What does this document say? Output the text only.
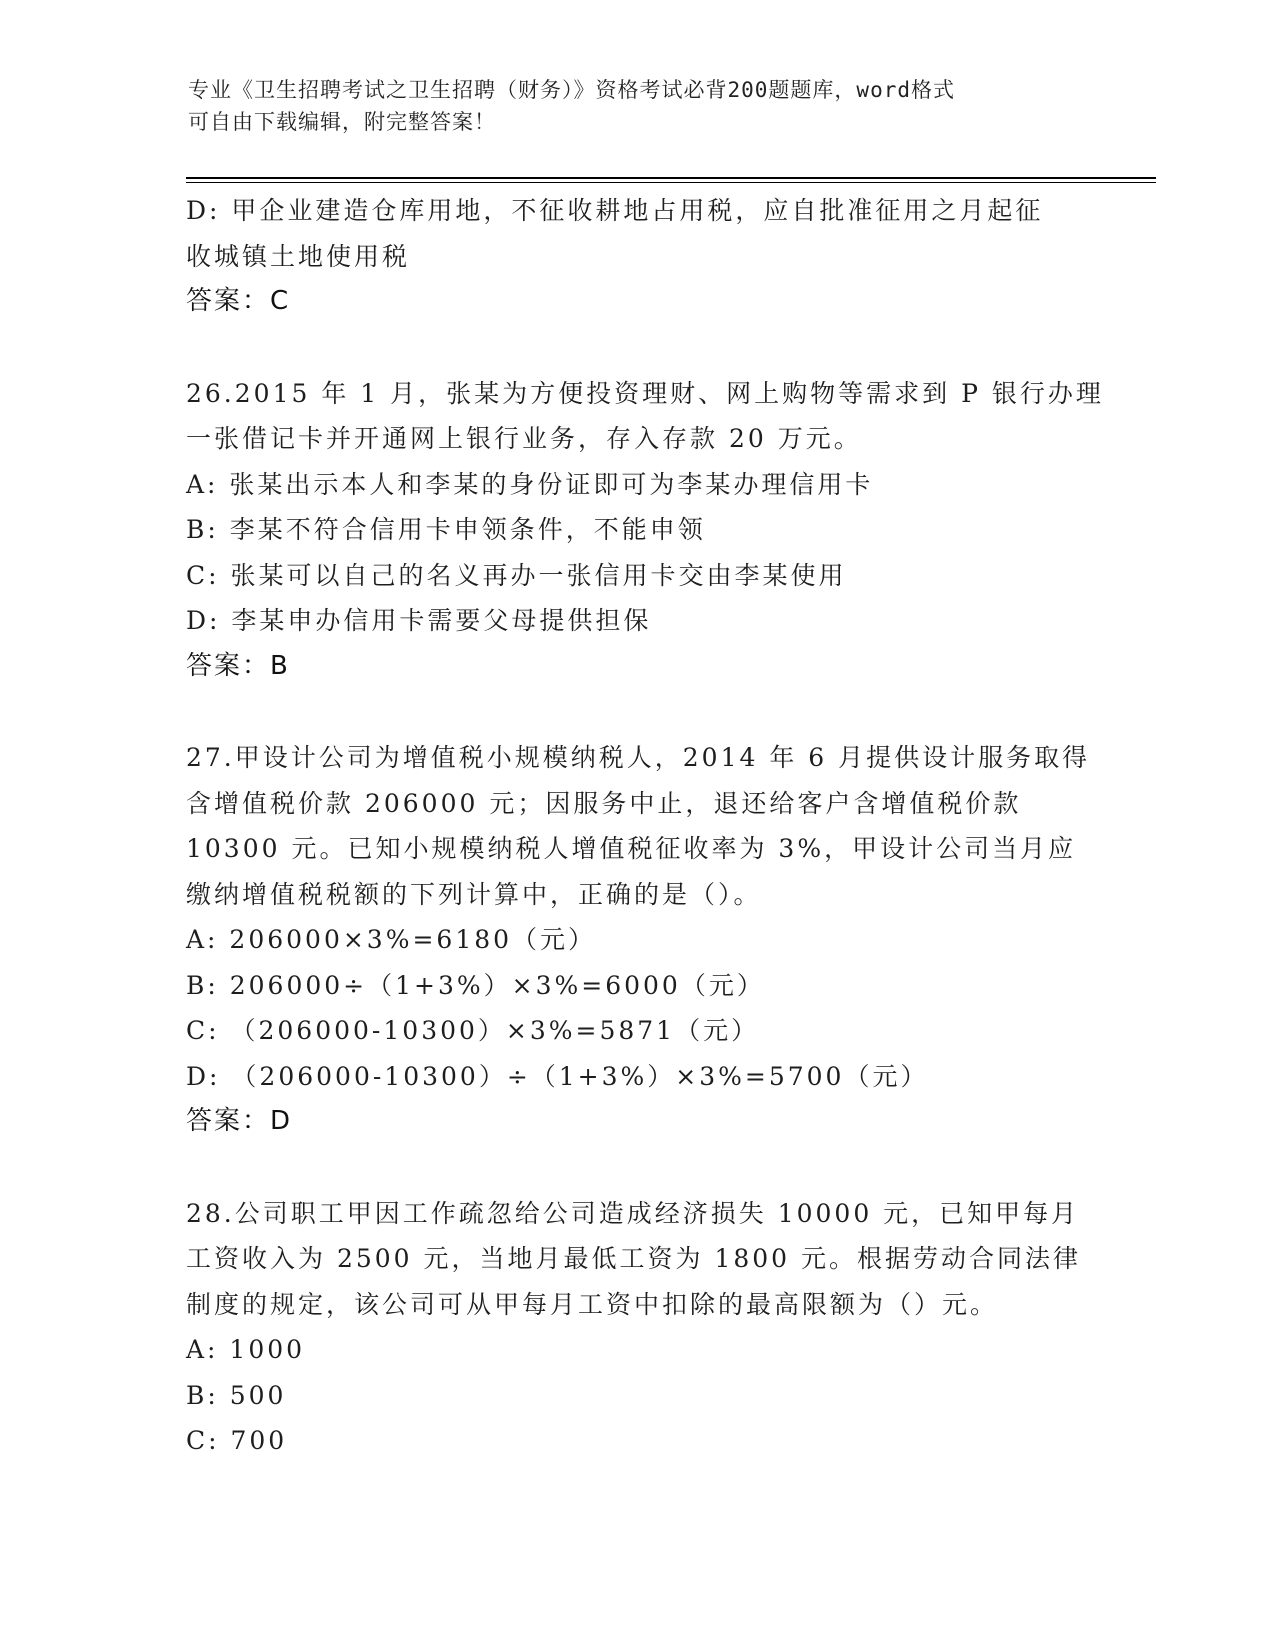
专业《卫生招聘考试之卫生招聘（财务）》资格考试必背200题题库，word格式
可自由下载编辑，附完整答案！
D: 甲企业建造仓库用地，不征收耕地占用税，应自批准征用之月起征
收城镇土地使用税
答案：C
26.2015 年 1 月，张某为方便投资理财、网上购物等需求到 P 银行办理
一张借记卡并开通网上银行业务，存入存款 20 万元。
A: 张某出示本人和李某的身份证即可为李某办理信用卡
B: 李某不符合信用卡申领条件，不能申领
C: 张某可以自己的名义再办一张信用卡交由李某使用
D: 李某申办信用卡需要父母提供担保
答案：B
27.甲设计公司为增值税小规模纳税人，2014 年 6 月提供设计服务取得
含增值税价款 206000 元；因服务中止，退还给客户含增值税价款
10300 元。已知小规模纳税人增值税征收率为 3%，甲设计公司当月应
缴纳增值税税额的下列计算中，正确的是（）。
A: 206000×3%=6180（元）
B: 206000÷（1+3%）×3%=6000（元）
C: （206000-10300）×3%=5871（元）
D: （206000-10300）÷（1+3%）×3%=5700（元）
答案：D
28.公司职工甲因工作疏忽给公司造成经济损失 10000 元，已知甲每月
工资收入为 2500 元，当地月最低工资为 1800 元。根据劳动合同法律
制度的规定，该公司可从甲每月工资中扣除的最高限额为（）元。
A: 1000
B: 500
C: 700
